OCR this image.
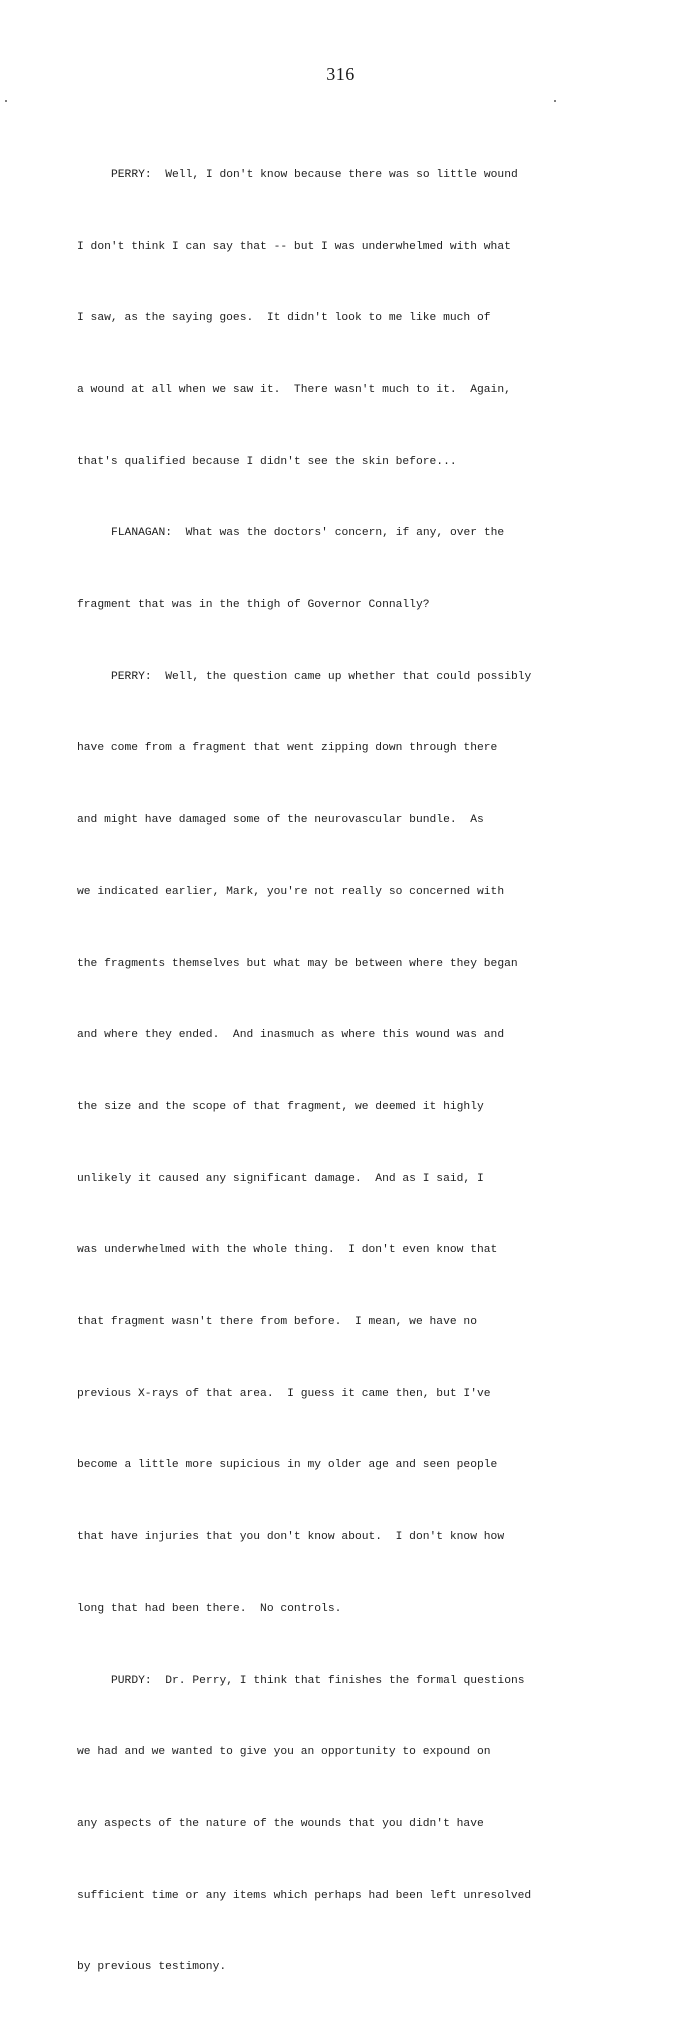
316

PERRY:  Well, I don't know because there was so little wound

I don't think I can say that -- but I was underwhelmed with what

I saw, as the saying goes.  It didn't look to me like much of

a wound at all when we saw it.  There wasn't much to it.  Again,

that's qualified because I didn't see the skin before...

FLANAGAN:  What was the doctors' concern, if any, over the

fragment that was in the thigh of Governor Connally?

PERRY:  Well, the question came up whether that could possibly

have come from a fragment that went zipping down through there

and might have damaged some of the neurovascular bundle.  As

we indicated earlier, Mark, you're not really so concerned with

the fragments themselves but what may be between where they began

and where they ended.  And inasmuch as where this wound was and

the size and the scope of that fragment, we deemed it highly

unlikely it caused any significant damage.  And as I said, I

was underwhelmed with the whole thing.  I don't even know that

that fragment wasn't there from before.  I mean, we have no

previous X-rays of that area.  I guess it came then, but I've

become a little more supicious in my older age and seen people

that have injuries that you don't know about.  I don't know how

long that had been there.  No controls.

PURDY:  Dr. Perry, I think that finishes the formal questions

we had and we wanted to give you an opportunity to expound on

any aspects of the nature of the wounds that you didn't have

sufficient time or any items which perhaps had been left unresolved

by previous testimony.
